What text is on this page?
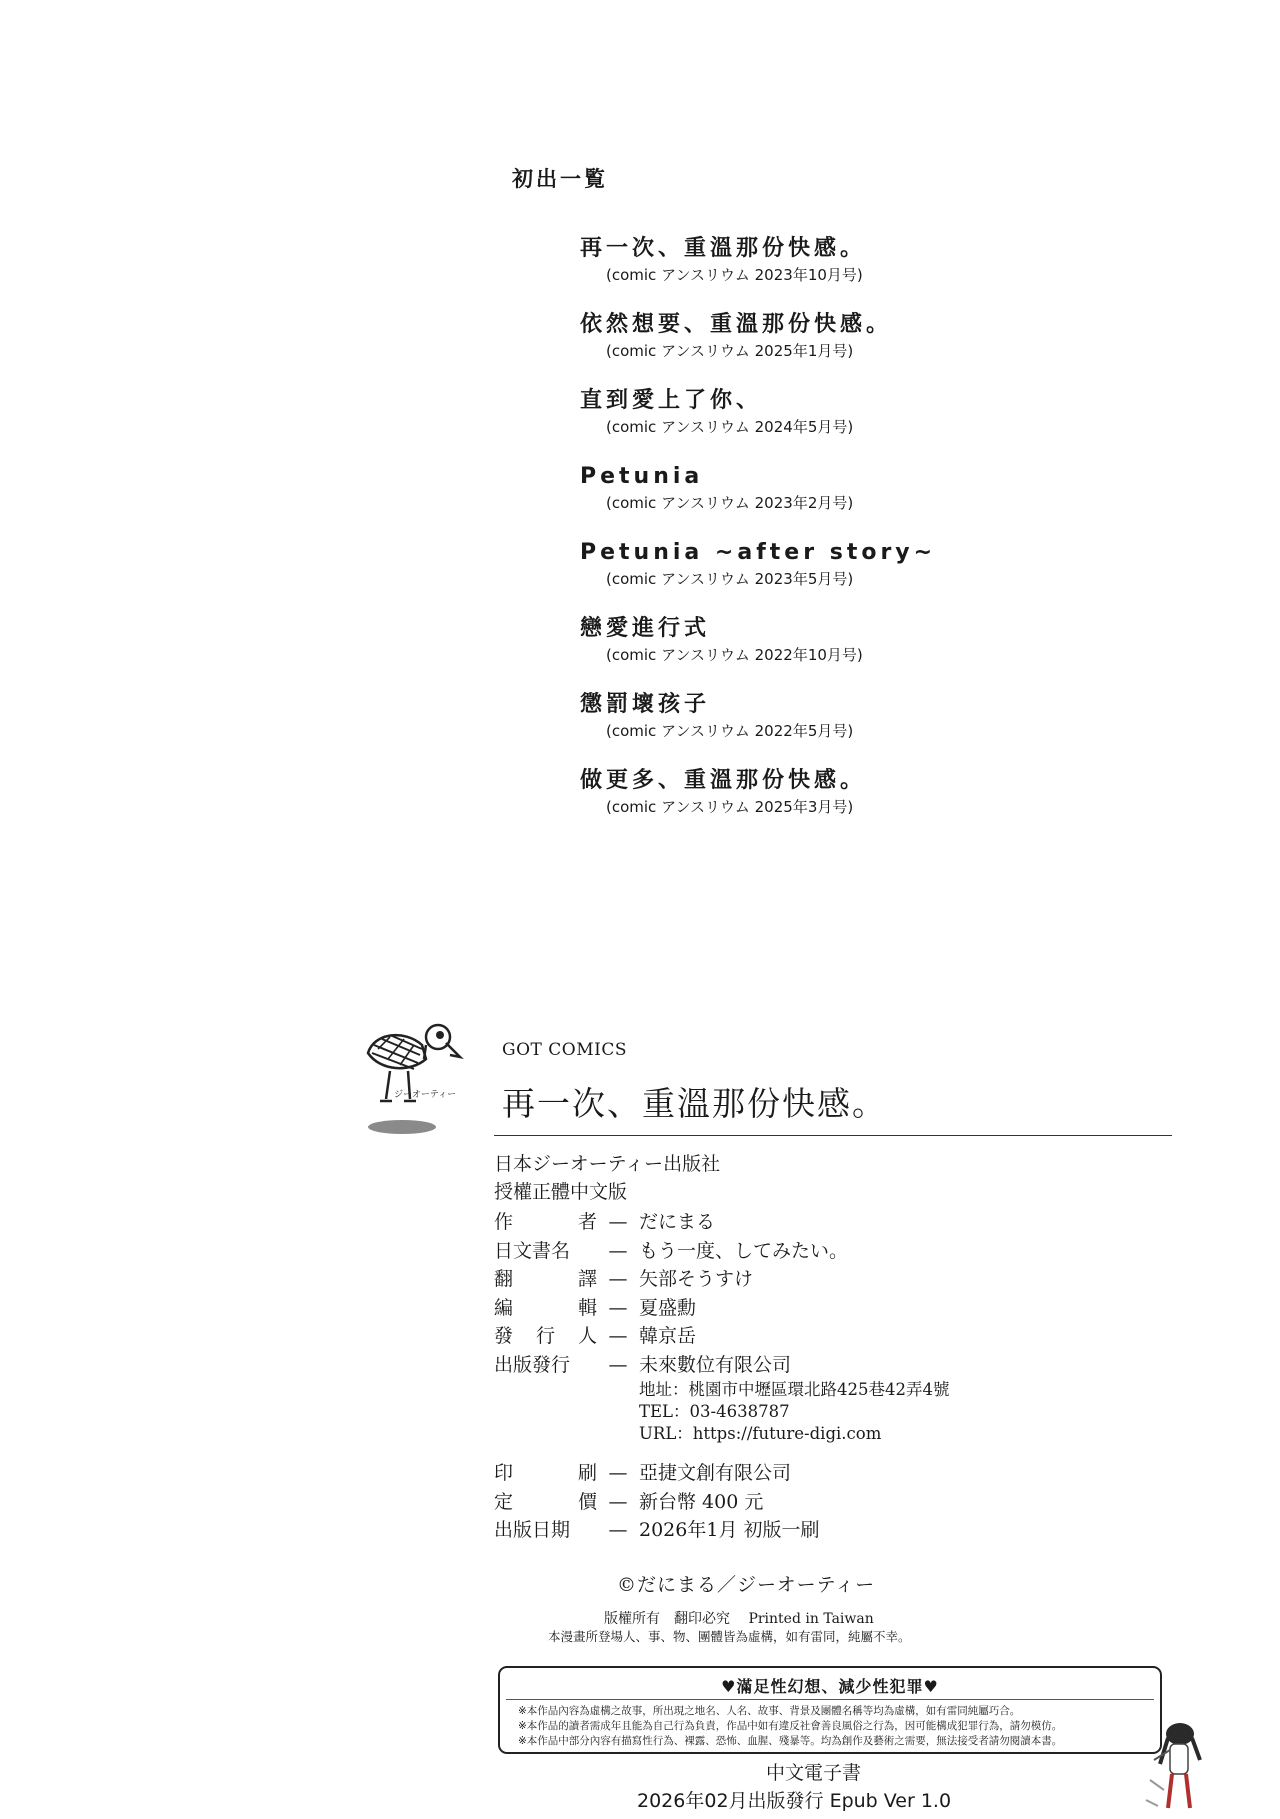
初出一覧
再一次、重溫那份快感。
(comic アンスリウム 2023年10月号)
依然想要、重溫那份快感。
(comic アンスリウム 2025年1月号)
直到愛上了你、
(comic アンスリウム 2024年5月号)
Petunia
(comic アンスリウム 2023年2月号)
Petunia ~after story~
(comic アンスリウム 2023年5月号)
戀愛進行式
(comic アンスリウム 2022年10月号)
懲罰壞孩子
(comic アンスリウム 2022年5月号)
做更多、重溫那份快感。
(comic アンスリウム 2025年3月号)
ジーオーティー
GOT COMICS
再一次、重溫那份快感。
日本ジーオーティー出版社
授權正體中文版
作	者 — だにまる
日文書名	— もう一度、してみたい。
翻	譯 — 矢部そうすけ
編	輯 — 夏盛勳
發 行 人 — 韓京岳
出版發行	— 未來數位有限公司
地址：桃園市中壢區環北路425巷42弄4號
TEL：03-4638787
URL：https://future-digi.com
印	刷 — 亞捷文創有限公司
定	價 — 新台幣 400 元
出版日期	— 2026年1月 初版一刷
©だにまる／ジーオーティー
版權所有　翻印必究　 Printed in Taiwan
本漫畫所登場人、事、物、團體皆為虛構，如有雷同，純屬不幸。
♥滿足性幻想、減少性犯罪♥
※本作品內容為虛構之故事，所出現之地名、人名、故事、背景及團體名稱等均為虛構，如有雷同純屬巧合。
※本作品的讀者需成年且能為自己行為負責，作品中如有違反社會善良風俗之行為，因可能構成犯罪行為，請勿模仿。
※本作品中部分內容有描寫性行為、裸露、恐怖、血腥、殘暴等。均為創作及藝術之需要，無法接受者請勿閱讀本書。
中文電子書
2026年02月出版發行 Epub Ver 1.0
